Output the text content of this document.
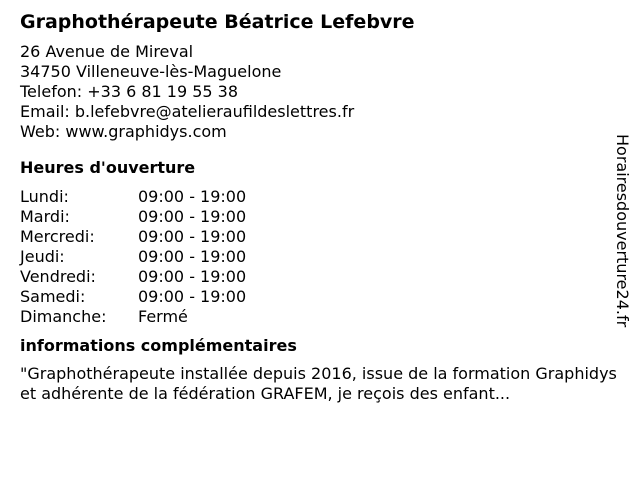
Graphothérapeute Béatrice Lefebvre
26 Avenue de Mireval
34750 Villeneuve-lès-Maguelone
Telefon: +33 6 81 19 55 38
Email: b.lefebvre@atelieraufildeslettres.fr
Web: www.graphidys.com
Heures d'ouverture
Lundi:	09:00 - 19:00
Mardi:	09:00 - 19:00
Mercredi:	09:00 - 19:00
Jeudi:	09:00 - 19:00
Vendredi:	09:00 - 19:00
Samedi:	09:00 - 19:00
Dimanche:	Fermé
informations complémentaires
"Graphothérapeute installée depuis 2016, issue de la formation Graphidys et adhérente de la fédération GRAFEM, je reçois des enfant...
Horairesdouverture24.fr
